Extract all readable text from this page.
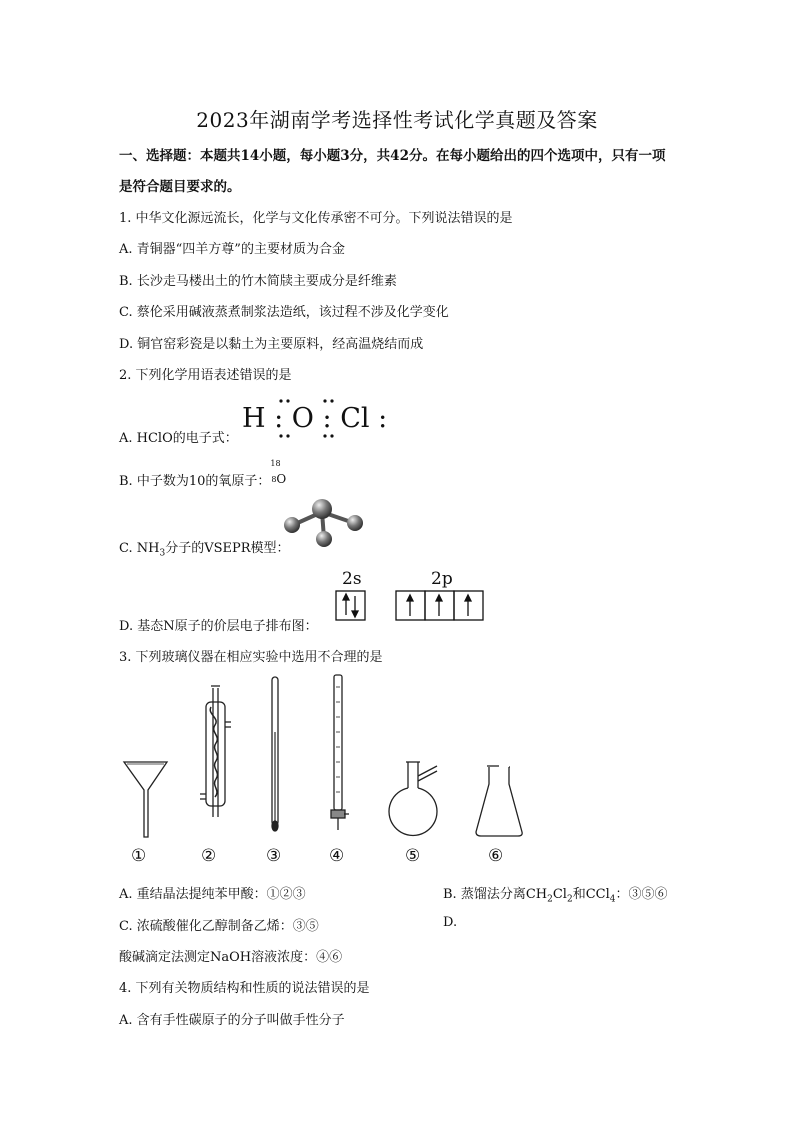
2023年湖南学考选择性考试化学真题及答案
一、选择题：本题共14小题，每小题3分，共42分。在每小题给出的四个选项中，只有一项
是符合题目要求的。
1. 中华文化源远流长，化学与文化传承密不可分。下列说法错误的是
A. 青铜器“四羊方尊”的主要材质为合金
B. 长沙走马楼出土的竹木简牍主要成分是纤维素
C. 蔡伦采用碱液蒸煮制浆法造纸，该过程不涉及化学变化
D. 铜官窑彩瓷是以黏土为主要原料，经高温烧结而成
2. 下列化学用语表述错误的是
A. HClO的电子式：
H : O : Cl :
B. 中子数为10的氧原子：
18
8 O
C. $NH_3$分子的VSEPR模型：
D. 基态N原子的价层电子排布图：
2s	2p
3. 下列玻璃仪器在相应实验中选用不合理的是
①	②	③	④	⑤	⑥
A. 重结晶法提纯苯甲酸：①②③	B. 蒸馏法分离$CH_2Cl_2$和CCl$_4$：③⑤⑥
C. 浓硫酸催化乙醇制备乙烯：③⑤	D.
酸碱滴定法测定NaOH溶液浓度：④⑥
4. 下列有关物质结构和性质的说法错误的是
A. 含有手性碳原子的分子叫做手性分子
